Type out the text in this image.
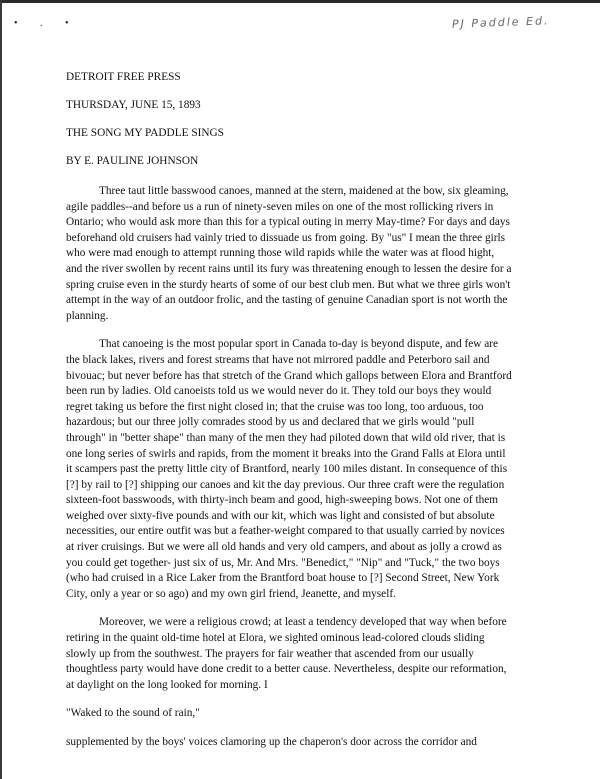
• . •	PJ Paddle Ed.

DETROIT FREE PRESS

THURSDAY, JUNE 15, 1893

THE SONG MY PADDLE SINGS

BY E. PAULINE JOHNSON

Three taut little basswood canoes, manned at the stern, maidened at the bow, six gleaming, agile paddles--and before us a run of ninety-seven miles on one of the most rollicking rivers in Ontario; who would ask more than this for a typical outing in merry May-time? For days and days beforehand old cruisers had vainly tried to dissuade us from going. By "us" I mean the three girls who were mad enough to attempt running those wild rapids while the water was at flood hight, and the river swollen by recent rains until its fury was threatening enough to lessen the desire for a spring cruise even in the sturdy hearts of some of our best club men. But what we three girls won't attempt in the way of an outdoor frolic, and the tasting of genuine Canadian sport is not worth the planning.

That canoeing is the most popular sport in Canada to-day is beyond dispute, and few are the black lakes, rivers and forest streams that have not mirrored paddle and Peterboro sail and bivouac; but never before has that stretch of the Grand which gallops between Elora and Brantford been run by ladies. Old canoeists told us we would never do it. They told our boys they would regret taking us before the first night closed in; that the cruise was too long, too arduous, too hazardous; but our three jolly comrades stood by us and declared that we girls would "pull through" in "better shape" than many of the men they had piloted down that wild old river, that is one long series of swirls and rapids, from the moment it breaks into the Grand Falls at Elora until it scampers past the pretty little city of Brantford, nearly 100 miles distant. In consequence of this [?] by rail to [?] shipping our canoes and kit the day previous. Our three craft were the regulation sixteen-foot basswoods, with thirty-inch beam and good, high-sweeping bows. Not one of them weighed over sixty-five pounds and with our kit, which was light and consisted of but absolute necessities, our entire outfit was but a feather-weight compared to that usually carried by novices at river cruisings. But we were all old hands and very old campers, and about as jolly a crowd as you could get together- just six of us, Mr. And Mrs. "Benedict," "Nip" and "Tuck," the two boys (who had cruised in a Rice Laker from the Brantford boat house to [?] Second Street, New York City, only a year or so ago) and my own girl friend, Jeanette, and myself.

Moreover, we were a religious crowd; at least a tendency developed that way when before retiring in the quaint old-time hotel at Elora, we sighted ominous lead-colored clouds sliding slowly up from the southwest. The prayers for fair weather that ascended from our usually thoughtless party would have done credit to a better cause. Nevertheless, despite our reformation, at daylight on the long looked for morning. I

"Waked to the sound of rain,"

supplemented by the boys' voices clamoring up the chaperon's door across the corridor and
